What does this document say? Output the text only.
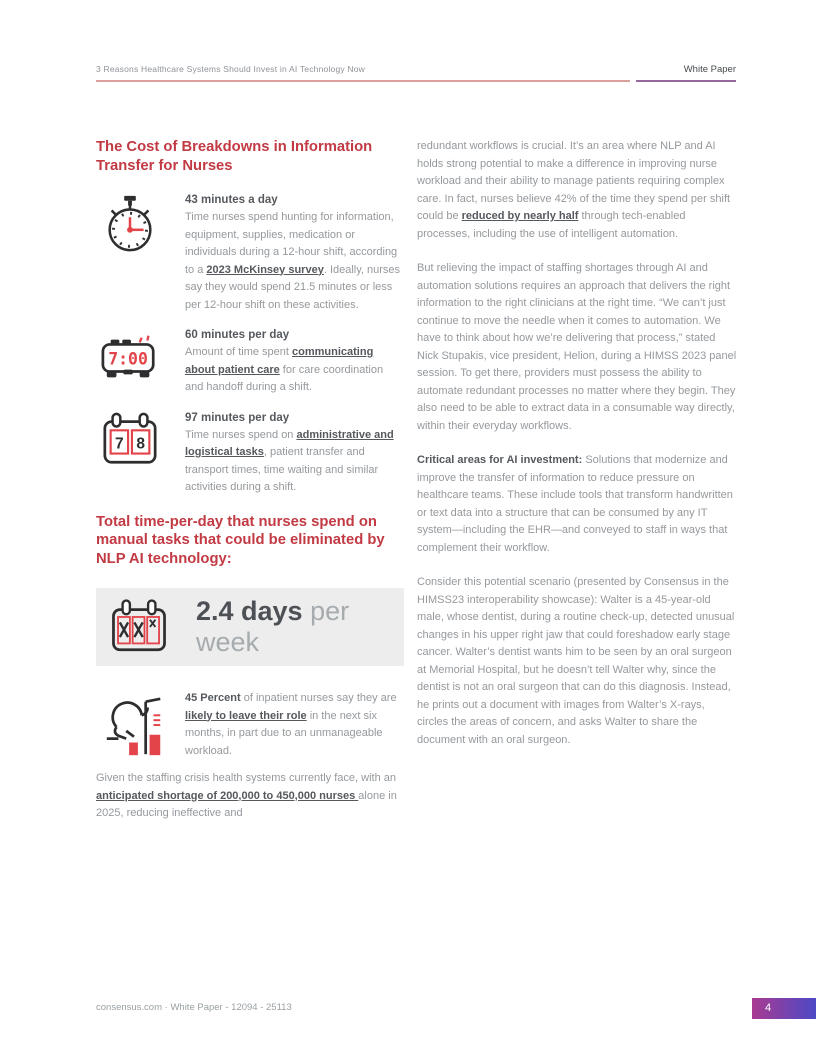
3 Reasons Healthcare Systems Should Invest in AI Technology Now	White Paper
The Cost of Breakdowns in Information Transfer for Nurses
43 minutes a day
Time nurses spend hunting for information, equipment, supplies, medication or individuals during a 12-hour shift, according to a 2023 McKinsey survey. Ideally, nurses say they would spend 21.5 minutes or less per 12-hour shift on these activities.
7:00
60 minutes per day
Amount of time spent communicating about patient care for care coordination and handoff during a shift.
7 8
97 minutes per day
Time nurses spend on administrative and logistical tasks, patient transfer and transport times, time waiting and similar activities during a shift.
Total time-per-day that nurses spend on manual tasks that could be eliminated by NLP AI technology:
2.4 days per week
45 Percent of inpatient nurses say they are likely to leave their role in the next six months, in part due to an unmanageable workload.

Given the staffing crisis health systems currently face, with an anticipated shortage of 200,000 to 450,000 nurses alone in 2025, reducing ineffective and

redundant workflows is crucial. It’s an area where NLP and AI holds strong potential to make a difference in improving nurse workload and their ability to manage patients requiring complex care. In fact, nurses believe 42% of the time they spend per shift could be reduced by nearly half through tech-enabled processes, including the use of intelligent automation.

But relieving the impact of staffing shortages through AI and automation solutions requires an approach that delivers the right information to the right clinicians at the right time. “We can’t just continue to move the needle when it comes to automation. We have to think about how we’re delivering that process,” stated Nick Stupakis, vice president, Helion, during a HIMSS 2023 panel session. To get there, providers must possess the ability to automate redundant processes no matter where they begin. They also need to be able to extract data in a consumable way directly, within their everyday workflows.

Critical areas for AI investment: Solutions that modernize and improve the transfer of information to reduce pressure on healthcare teams. These include tools that transform handwritten or text data into a structure that can be consumed by any IT system—including the EHR—and conveyed to staff in ways that complement their workflow.

Consider this potential scenario (presented by Consensus in the HIMSS23 interoperability showcase): Walter is a 45-year-old male, whose dentist, during a routine check-up, detected unusual changes in his upper right jaw that could foreshadow early stage cancer. Walter’s dentist wants him to be seen by an oral surgeon at Memorial Hospital, but he doesn’t tell Walter why, since the dentist is not an oral surgeon that can do this diagnosis. Instead, he prints out a document with images from Walter’s X-rays, circles the areas of concern, and asks Walter to share the document with an oral surgeon.

consensus.com · White Paper - 12094 - 25113	4
